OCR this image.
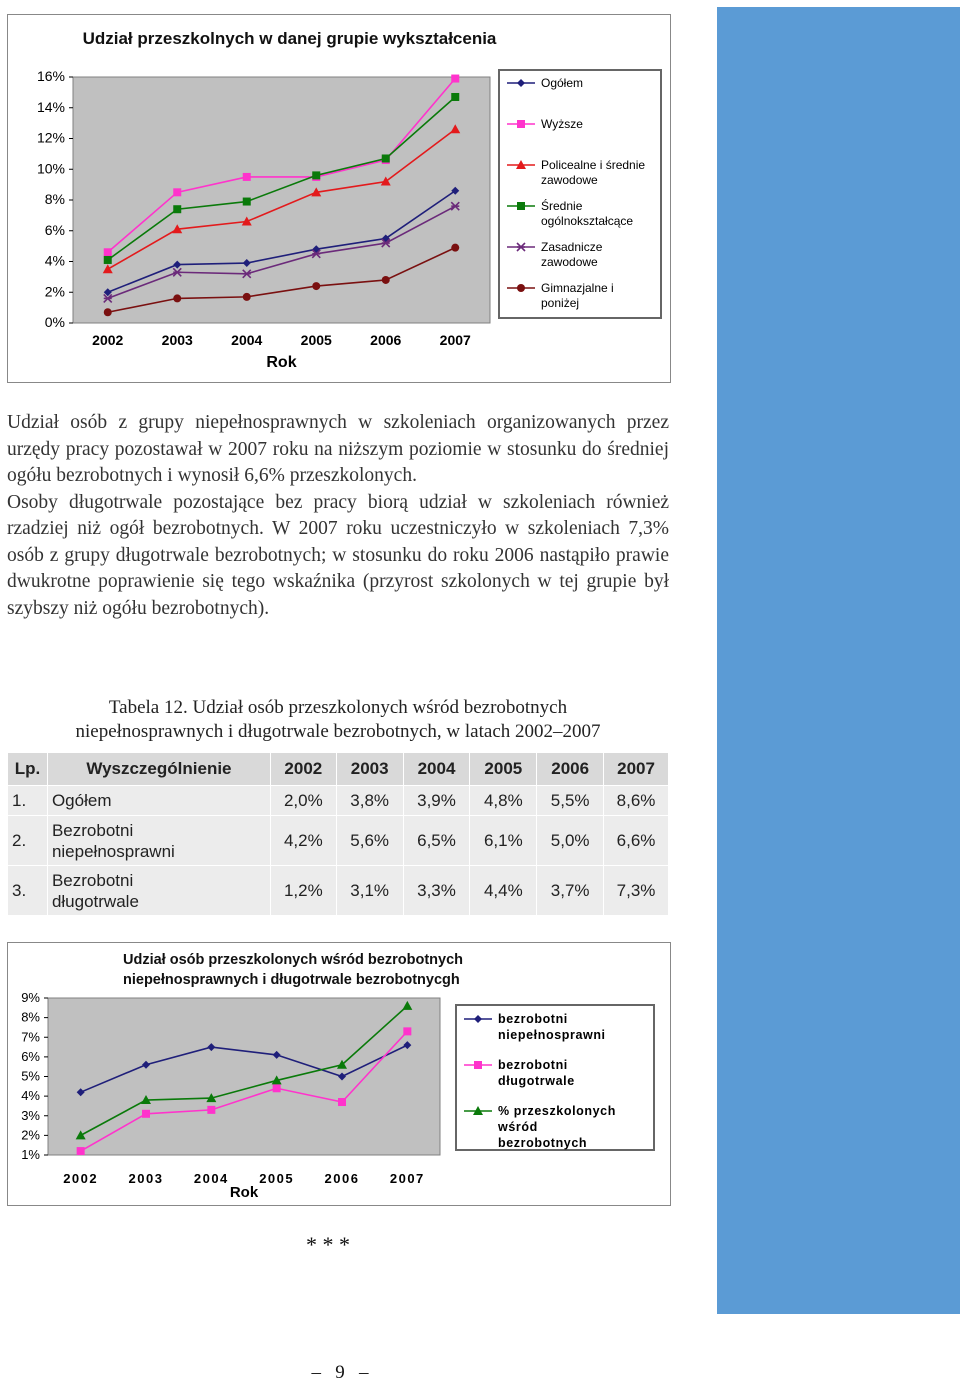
Udział przeszkolnych w danej grupie wykształcenia
16%
14%
12%
10%
8%
6%
4%
2%
0%
2002	2003	2004	2005	2006	2007
Rok
Ogółem
Wyższe
Policealne i średnie zawodowe
Średnie ogólnokształcące
Zasadnicze zawodowe
Gimnazjalne i poniżej

Udział osób z grupy niepełnosprawnych w szkoleniach organizowanych przez urzędy pracy pozostawał w 2007 roku na niższym poziomie w stosunku do średniej ogółu bezrobotnych i wynosił 6,6% przeszkolonych.

Osoby długotrwale pozostające bez pracy biorą udział w szkoleniach również rzadziej niż ogół bezrobotnych. W 2007 roku uczestniczyło w szkoleniach 7,3% osób z grupy długotrwale bezrobotnych; w stosunku do roku 2006 nastąpiło prawie dwukrotne poprawienie się tego wskaźnika (przyrost szkolonych w tej grupie był szybszy niż ogółu bezrobotnych).

Tabela 12. Udział osób przeszkolonych wśród bezrobotnych
niepełnosprawnych i długotrwale bezrobotnych, w latach 2002–2007
Lp.	Wyszczególnienie	2002	2003	2004	2005	2006	2007
1.	Ogółem	2,0%	3,8%	3,9%	4,8%	5,5%	8,6%
2.	Bezrobotni niepełnosprawni	4,2%	5,6%	6,5%	6,1%	5,0%	6,6%
3.	Bezrobotni długotrwale	1,2%	3,1%	3,3%	4,4%	3,7%	7,3%
Udział osób przeszkolonych wśród bezrobotnych niepełnosprawnych i długotrwale bezrobotnycgh
9%
8%
7%
6%
5%
4%
3%
2%
1%
2002 2003 2004 2005 2006 2007
Rok
bezrobotni niepełnosprawni
bezrobotni długotrwale
% przeszkolonych wśród bezrobotnych
* * *
– 9 –
